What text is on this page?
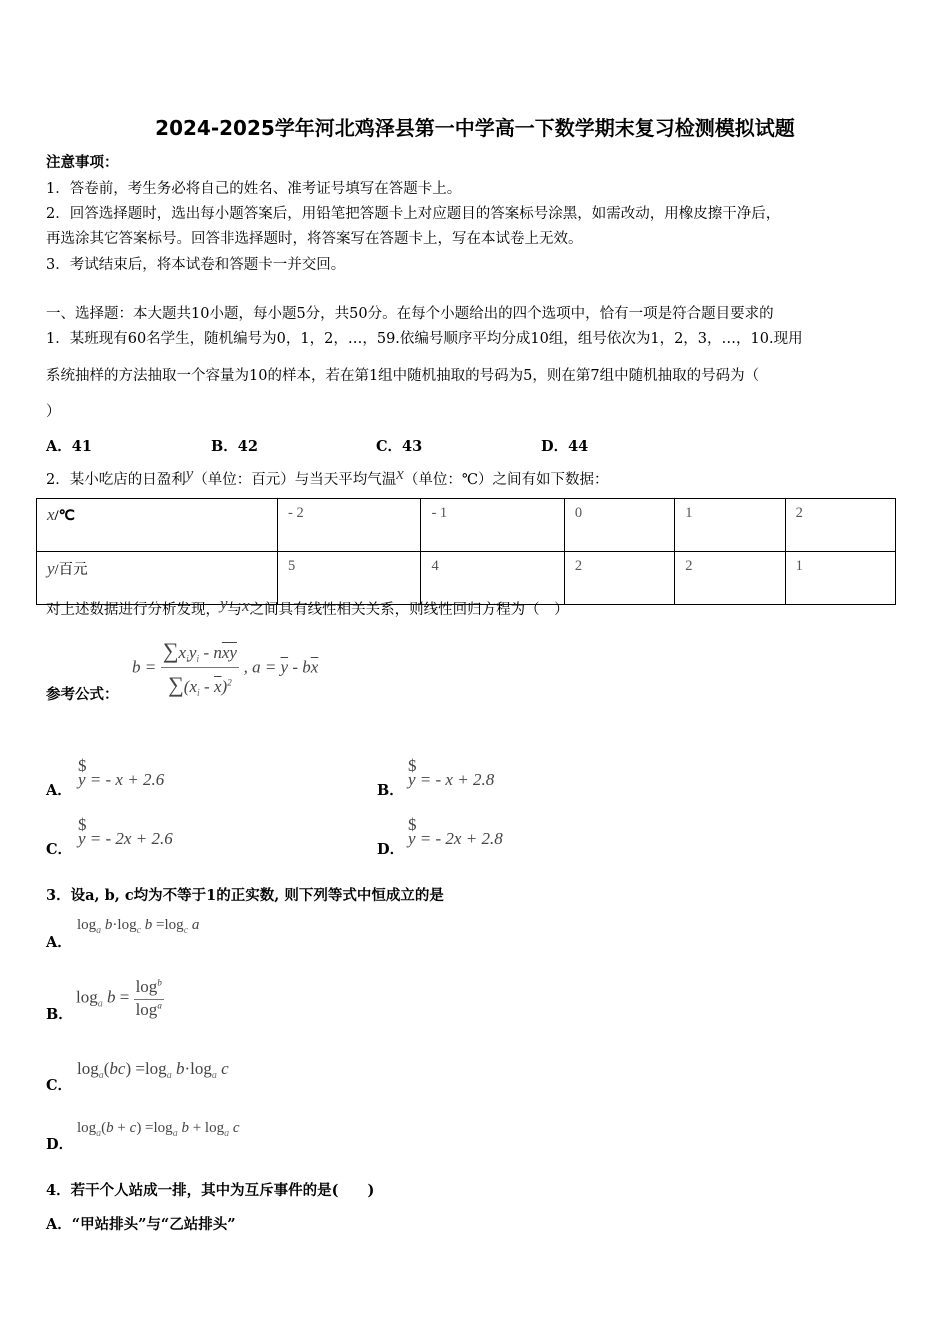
2024-2025学年河北鸡泽县第一中学高一下数学期末复习检测模拟试题
注意事项：
1．答卷前，考生务必将自己的姓名、准考证号填写在答题卡上。
2．回答选择题时，选出每小题答案后，用铅笔把答题卡上对应题目的答案标号涂黑，如需改动，用橡皮擦干净后，
再选涂其它答案标号。回答非选择题时，将答案写在答题卡上，写在本试卷上无效。
3．考试结束后，将本试卷和答题卡一并交回。
一、选择题：本大题共10小题，每小题5分，共50分。在每个小题给出的四个选项中，恰有一项是符合题目要求的
1．某班现有60名学生，随机编号为0，1，2，…，59.依编号顺序平均分成10组，组号依次为1，2，3，…，10.现用
系统抽样的方法抽取一个容量为10的样本，若在第1组中随机抽取的号码为5，则在第7组中随机抽取的号码为（
）
A．41	B．42	C．43	D．44
2．某小吃店的日盈利y（单位：百元）与当天平均气温x（单位：℃）之间有如下数据：
x/℃	- 2	- 1	0	1	2
y/百元	5	4	2	2	1
对上述数据进行分析发现，y与x之间具有线性相关关系，则线性回归方程为（　）
参考公式：
$b = \frac{\sum x_iy_i - n\overline{xy}}{\sum(x_i - \overline{x})^2}$ , $a = \overline{y} - b\overline{x}$
A．
$ y = - x + 2.6
B．
$ y = - x + 2.8
C．
$ y = - 2x + 2.6
D．
$ y = - 2x + 2.8
3．设a, b, c均为不等于1的正实数, 则下列等式中恒成立的是
A．
$\log_a b\cdot\log_c$ $b =\log_c$ a
B．
$\log_a b = \frac{\log^b}{\log^a}$
C．
$\log_a(bc) =\log_a$ $b\cdot\log_a$ c
D．
$\log_a(b + c) =\log_a$ $b + \log_a c$
4．若干个人站成一排，其中为互斥事件的是(　　)
A．“甲站排头”与“乙站排头”
